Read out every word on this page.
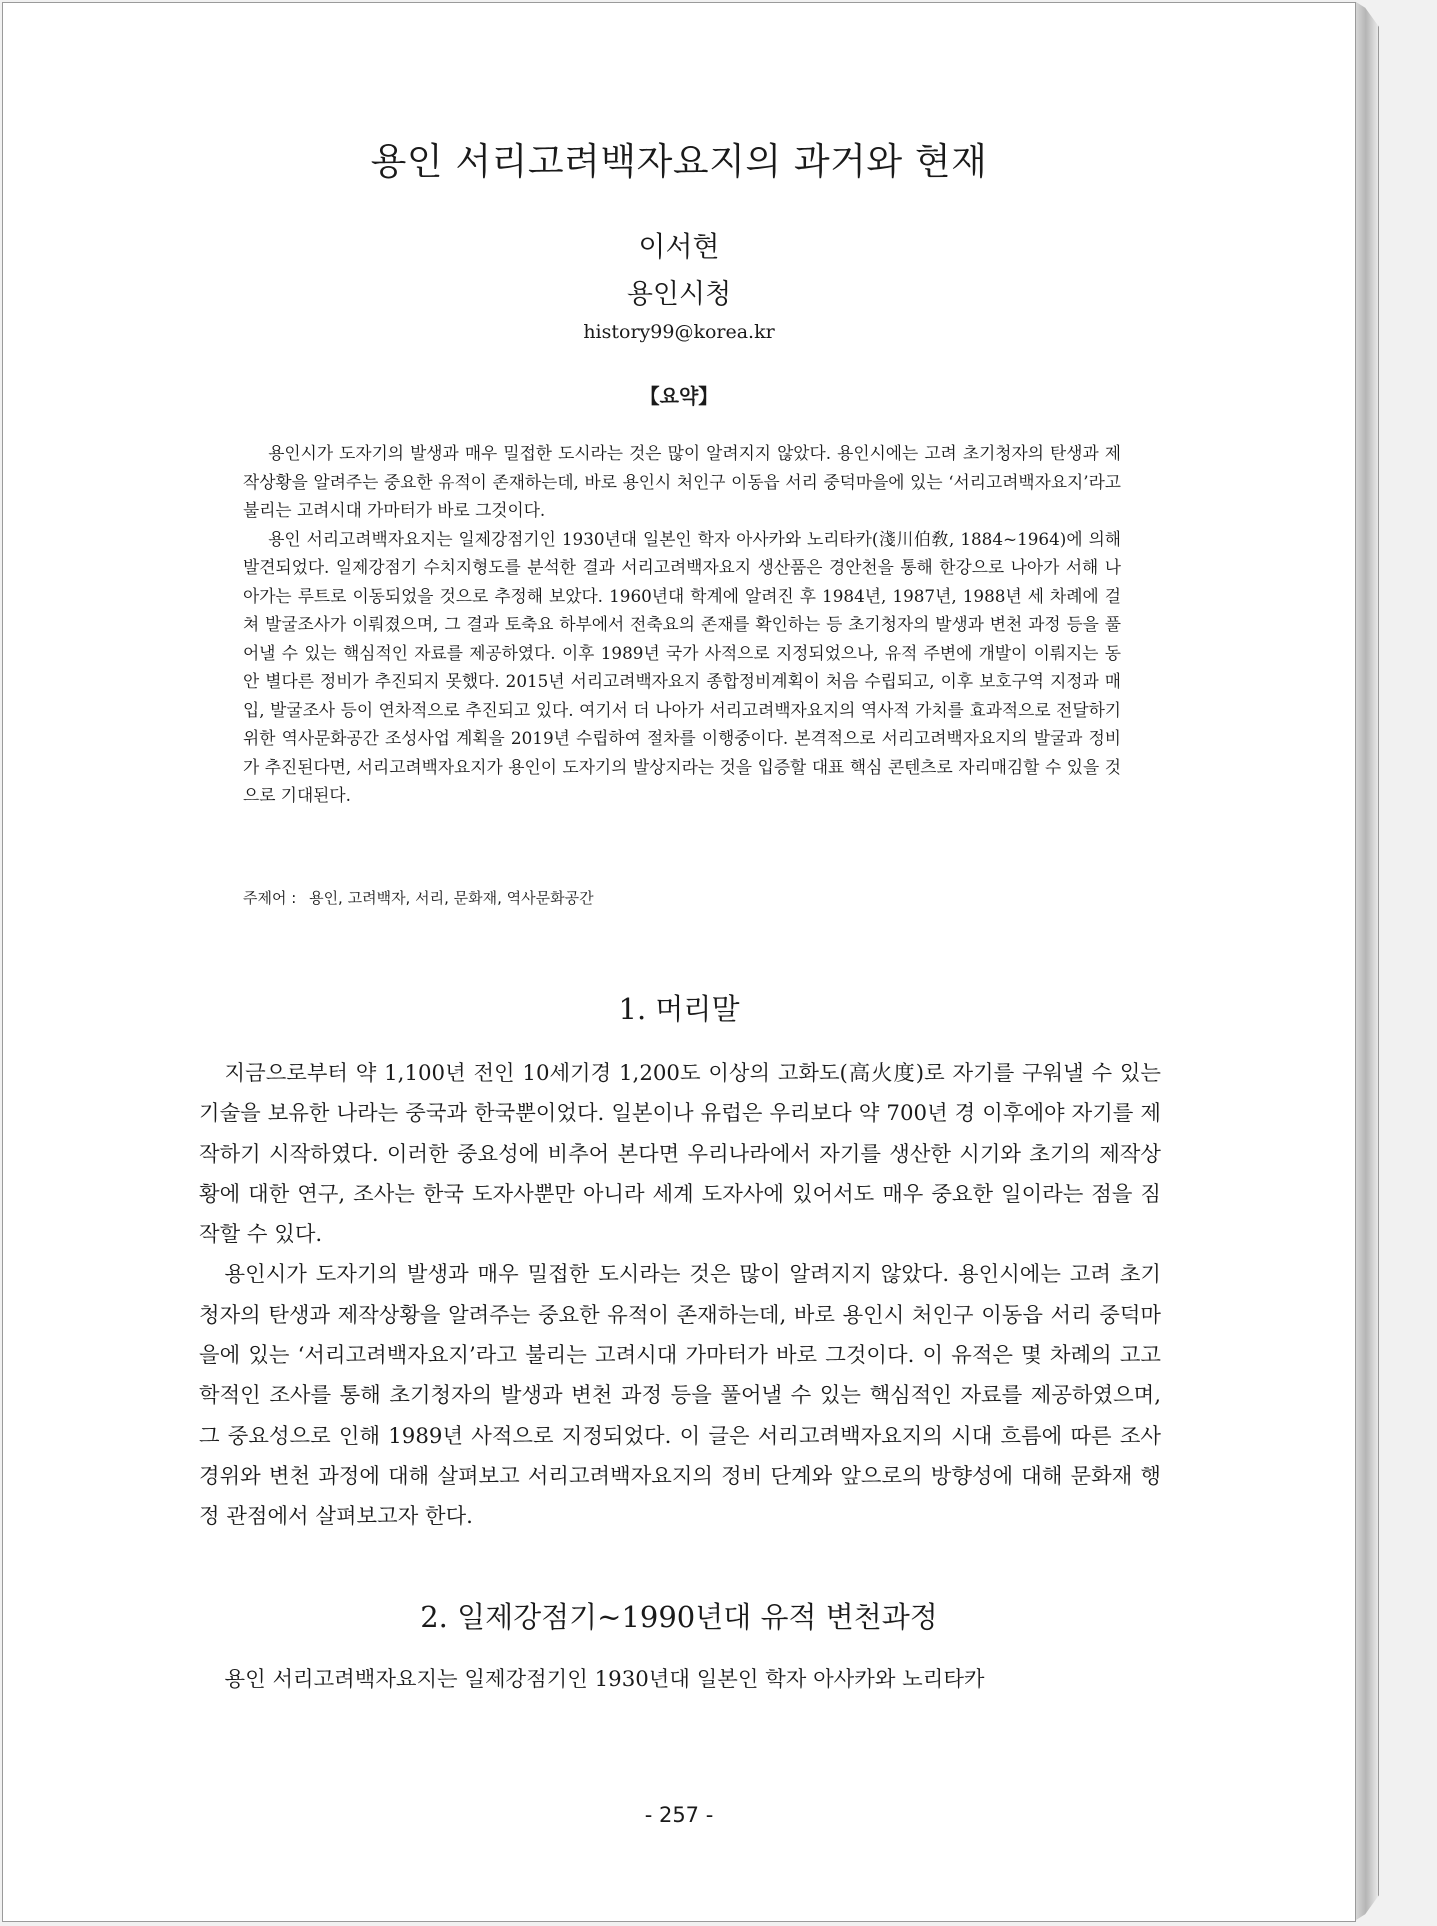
용인 서리고려백자요지의 과거와 현재
이서현
용인시청
history99@korea.kr
【요약】

용인시가 도자기의 발생과 매우 밀접한 도시라는 것은 많이 알려지지 않았다. 용인시에는 고려 초기청자의 탄생과 제작상황을 알려주는 중요한 유적이 존재하는데, 바로 용인시 처인구 이동읍 서리 중덕마을에 있는 ‘서리고려백자요지’라고 불리는 고려시대 가마터가 바로 그것이다.

용인 서리고려백자요지는 일제강점기인 1930년대 일본인 학자 아사카와 노리타카(淺川伯敎, 1884~1964)에 의해 발견되었다. 일제강점기 수치지형도를 분석한 결과 서리고려백자요지 생산품은 경안천을 통해 한강으로 나아가 서해 나아가는 루트로 이동되었을 것으로 추정해 보았다. 1960년대 학계에 알려진 후 1984년, 1987년, 1988년 세 차례에 걸쳐 발굴조사가 이뤄졌으며, 그 결과 토축요 하부에서 전축요의 존재를 확인하는 등 초기청자의 발생과 변천 과정 등을 풀어낼 수 있는 핵심적인 자료를 제공하였다. 이후 1989년 국가 사적으로 지정되었으나, 유적 주변에 개발이 이뤄지는 동안 별다른 정비가 추진되지 못했다. 2015년 서리고려백자요지 종합정비계획이 처음 수립되고, 이후 보호구역 지정과 매입, 발굴조사 등이 연차적으로 추진되고 있다. 여기서 더 나아가 서리고려백자요지의 역사적 가치를 효과적으로 전달하기 위한 역사문화공간 조성사업 계획을 2019년 수립하여 절차를 이행중이다. 본격적으로 서리고려백자요지의 발굴과 정비가 추진된다면, 서리고려백자요지가 용인이 도자기의 발상지라는 것을 입증할 대표 핵심 콘텐츠로 자리매김할 수 있을 것으로 기대된다.

주제어 : 용인, 고려백자, 서리, 문화재, 역사문화공간
1. 머리말

지금으로부터 약 1,100년 전인 10세기경 1,200도 이상의 고화도(高火度)로 자기를 구워낼 수 있는 기술을 보유한 나라는 중국과 한국뿐이었다. 일본이나 유럽은 우리보다 약 700년 경 이후에야 자기를 제작하기 시작하였다. 이러한 중요성에 비추어 본다면 우리나라에서 자기를 생산한 시기와 초기의 제작상황에 대한 연구, 조사는 한국 도자사뿐만 아니라 세계 도자사에 있어서도 매우 중요한 일이라는 점을 짐작할 수 있다.

용인시가 도자기의 발생과 매우 밀접한 도시라는 것은 많이 알려지지 않았다. 용인시에는 고려 초기 청자의 탄생과 제작상황을 알려주는 중요한 유적이 존재하는데, 바로 용인시 처인구 이동읍 서리 중덕마을에 있는 ‘서리고려백자요지’라고 불리는 고려시대 가마터가 바로 그것이다. 이 유적은 몇 차례의 고고학적인 조사를 통해 초기청자의 발생과 변천 과정 등을 풀어낼 수 있는 핵심적인 자료를 제공하였으며, 그 중요성으로 인해 1989년 사적으로 지정되었다. 이 글은 서리고려백자요지의 시대 흐름에 따른 조사 경위와 변천 과정에 대해 살펴보고 서리고려백자요지의 정비 단계와 앞으로의 방향성에 대해 문화재 행정 관점에서 살펴보고자 한다.

2. 일제강점기~1990년대 유적 변천과정

용인 서리고려백자요지는 일제강점기인 1930년대 일본인 학자 아사카와 노리타카

- 257 -
